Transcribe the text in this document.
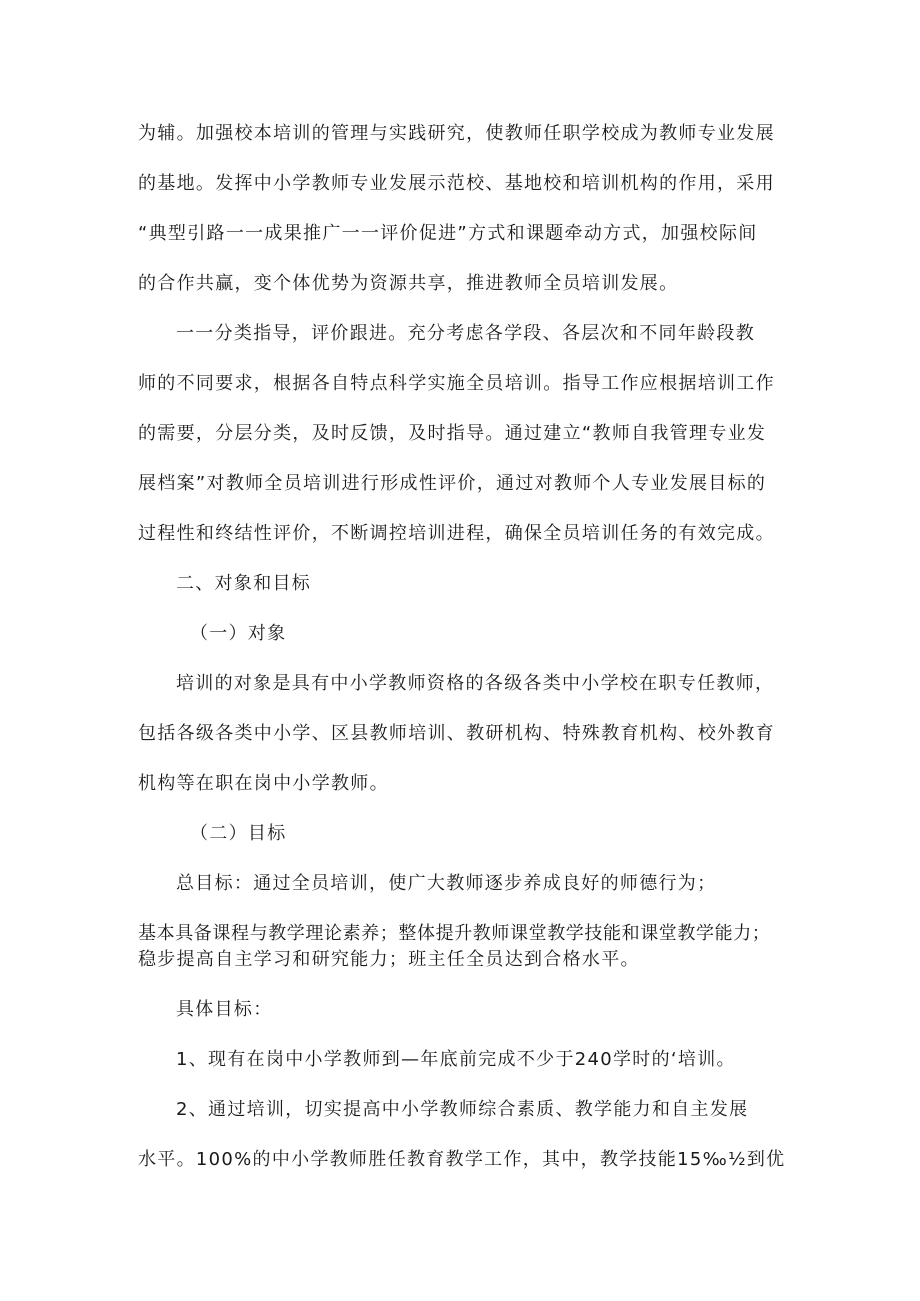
为辅。加强校本培训的管理与实践研究，使教师任职学校成为教师专业发展

的基地。发挥中小学教师专业发展示范校、基地校和培训机构的作用，采用

“典型引路一一成果推广一一评价促进”方式和课题牵动方式，加强校际间

的合作共赢，变个体优势为资源共享，推进教师全员培训发展。

一一分类指导，评价跟进。充分考虑各学段、各层次和不同年龄段教

师的不同要求，根据各自特点科学实施全员培训。指导工作应根据培训工作

的需要，分层分类，及时反馈，及时指导。通过建立“教师自我管理专业发

展档案”对教师全员培训进行形成性评价，通过对教师个人专业发展目标的

过程性和终结性评价，不断调控培训进程，确保全员培训任务的有效完成。

二、对象和目标

（一）对象

培训的对象是具有中小学教师资格的各级各类中小学校在职专任教师，

包括各级各类中小学、区县教师培训、教研机构、特殊教育机构、校外教育

机构等在职在岗中小学教师。

（二）目标

总目标：通过全员培训，使广大教师逐步养成良好的师德行为；

基本具备课程与教学理论素养；整体提升教师课堂教学技能和课堂教学能力；

稳步提高自主学习和研究能力；班主任全员达到合格水平。

具体目标：

1、现有在岗中小学教师到—年底前完成不少于240学时的‘培训。

2、通过培训，切实提高中小学教师综合素质、教学能力和自主发展

水平。100%的中小学教师胜任教育教学工作，其中，教学技能15‰½到优
